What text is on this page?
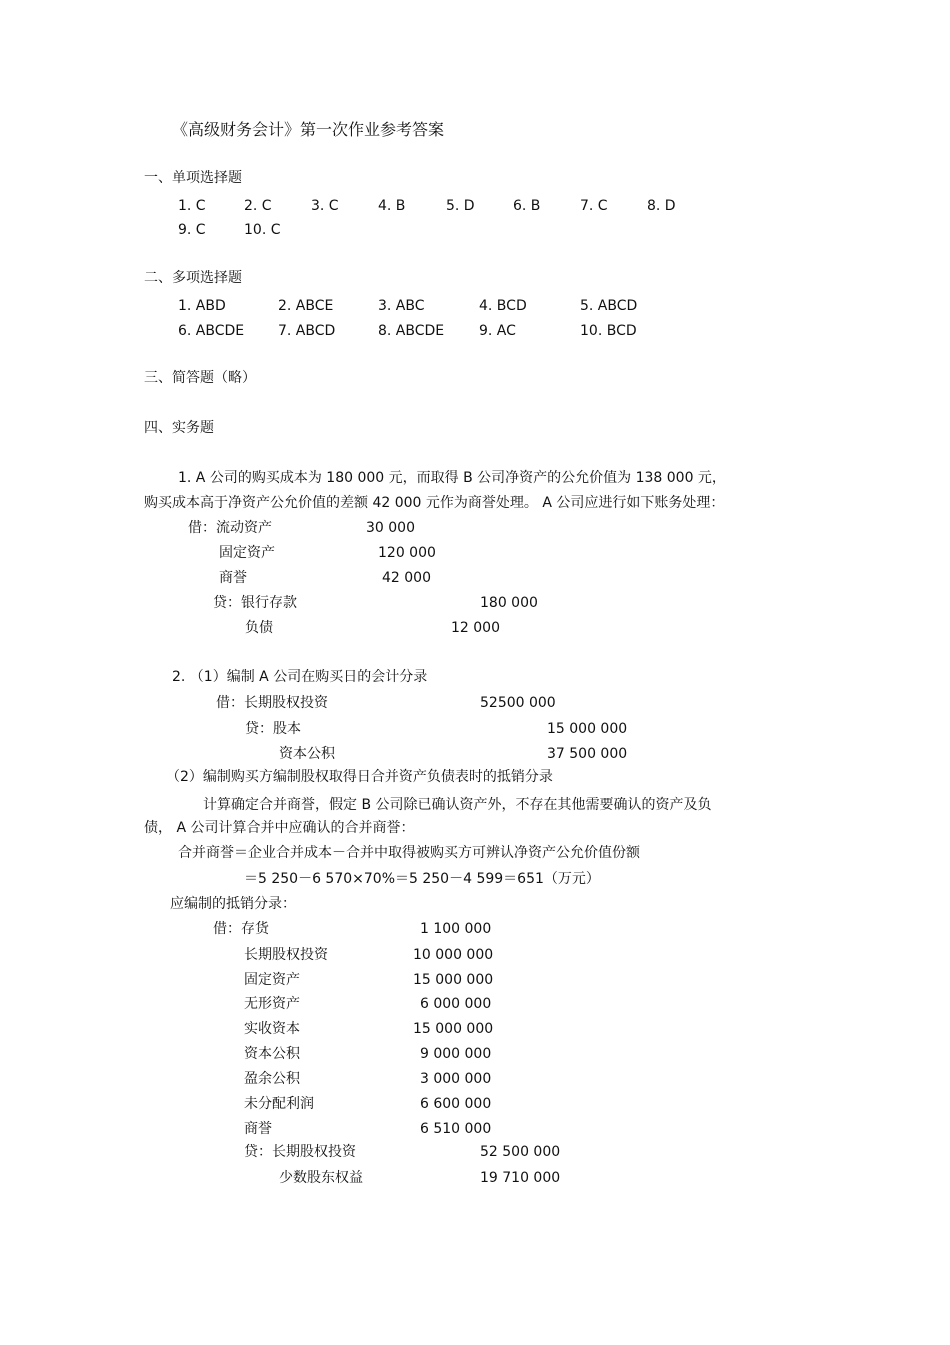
《高级财务会计》第一次作业参考答案
一、单项选择题
1. C	2. C	3. C	4. B	5. D	6. B	7. C	8. D
9. C	10. C
二、多项选择题
1. ABD	2. ABCE	3. ABC	4. BCD	5. ABCD
6. ABCDE 7. ABCD	8. ABCDE 9. AC	10. BCD
三、简答题（略）
四、实务题
1. A 公司的购买成本为 180 000 元，而取得 B 公司净资产的公允价值为 138 000 元，
购买成本高于净资产公允价值的差额 42 000 元作为商誉处理。 A 公司应进行如下账务处理：
借：流动资产	30 000
固定资产	120 000
商誉	42 000
贷：银行存款	180 000
负债	12 000
2. （1）编制 A 公司在购买日的会计分录
借：长期股权投资	52500 000
贷：股本	15 000 000
资本公积	37 500 000
（2）编制购买方编制股权取得日合并资产负债表时的抵销分录
计算确定合并商誉，假定 B 公司除已确认资产外，不存在其他需要确认的资产及负
债， A 公司计算合并中应确认的合并商誉：
合并商誉＝企业合并成本－合并中取得被购买方可辨认净资产公允价值份额
＝5 250－6 570×70%＝5 250－4 599＝651（万元）
应编制的抵销分录：
借：存货	1 100 000
长期股权投资	10 000 000
固定资产	15 000 000
无形资产	6 000 000
实收资本	15 000 000
资本公积	9 000 000
盈余公积	3 000 000
未分配利润	6 600 000
商誉	6 510 000
贷：长期股权投资	52 500 000
少数股东权益	19 710 000
